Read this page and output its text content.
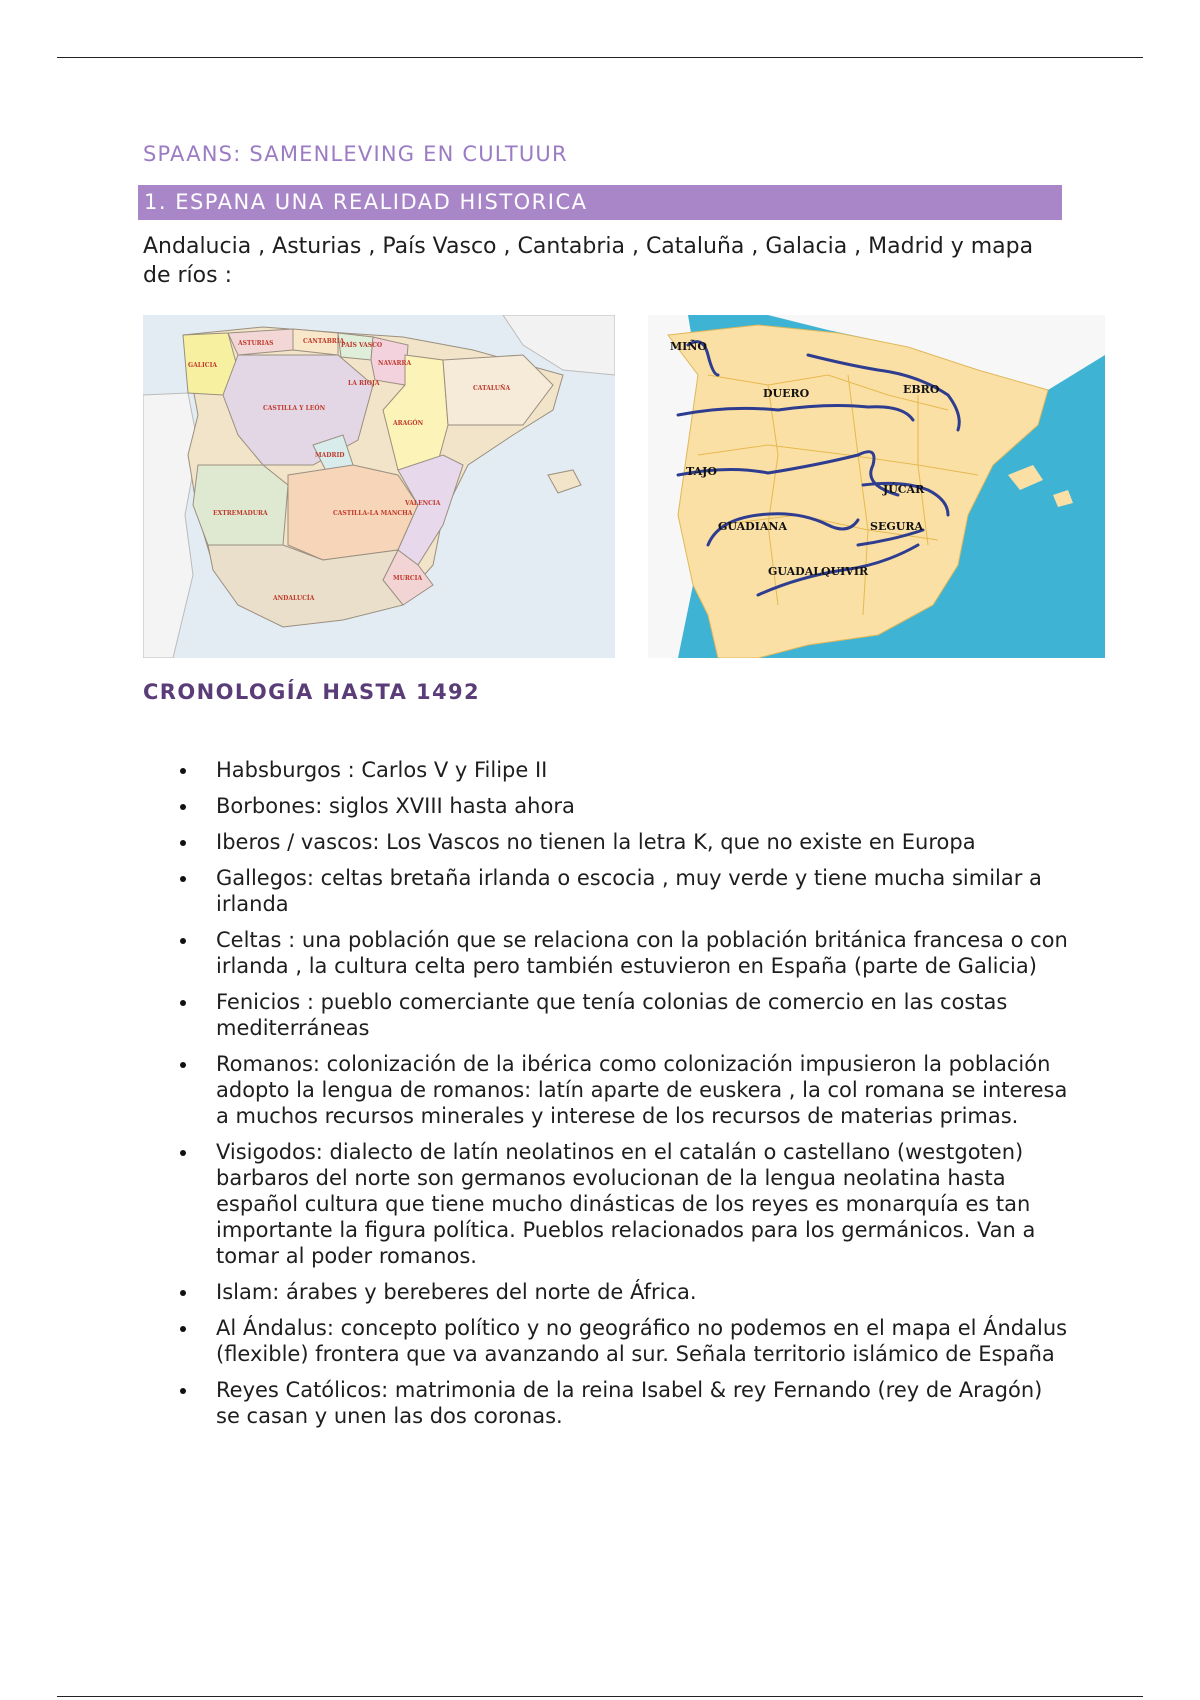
SPAANS: SAMENLEVING EN CULTUUR
1. ESPANA UNA REALIDAD HISTORICA
Andalucia , Asturias , País Vasco , Cantabria , Cataluña , Galacia , Madrid y mapa de ríos :
GALICIA
ASTURIAS	CANTABRIA
PAÍS VASCO
NAVARRA
LA RIOJA
CASTILLA Y LEÓN
ARAGÓN
CATALUÑA
MADRID
CASTILLA-LA MANCHA
EXTREMADURA
VALENCIA
MURCIA
ANDALUCÍA
MIÑO
DUERO	EBRO
TAJO
JÚCAR
GUADIANA	SEGURA
GUADALQUIVIR
CRONOLOGÍA HASTA 1492
Habsburgos : Carlos V y Filipe II
Borbones: siglos XVIII hasta ahora
Iberos / vascos: Los Vascos no tienen la letra K, que no existe en Europa
Gallegos: celtas bretaña irlanda o escocia , muy verde y tiene mucha similar a irlanda
Celtas : una población que se relaciona con la población británica francesa o con irlanda , la cultura celta pero también estuvieron en España (parte de Galicia)
Fenicios : pueblo comerciante que tenía colonias de comercio en las costas mediterráneas
Romanos: colonización de la ibérica como colonización impusieron la población adopto la lengua de romanos: latín aparte de euskera , la col romana se interesa a muchos recursos minerales y interese de los recursos de materias primas.
Visigodos: dialecto de latín neolatinos en el catalán o castellano (westgoten) barbaros del norte son germanos evolucionan de la lengua neolatina hasta español cultura que tiene mucho dinásticas de los reyes es monarquía es tan importante la figura política. Pueblos relacionados para los germánicos. Van a tomar al poder romanos.
Islam: árabes y bereberes del norte de África.
Al Ándalus: concepto político y no geográfico no podemos en el mapa el Ándalus (flexible) frontera que va avanzando al sur. Señala territorio islámico de España
Reyes Católicos: matrimonia de la reina Isabel & rey Fernando (rey de Aragón) se casan y unen las dos coronas.
